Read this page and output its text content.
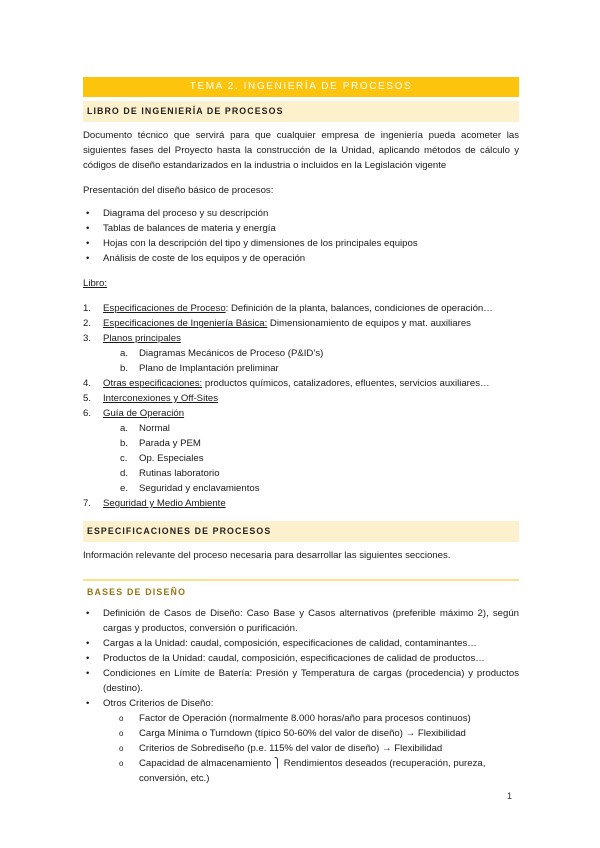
TEMA 2. INGENIERÍA DE PROCESOS
LIBRO DE INGENIERÍA DE PROCESOS

Documento técnico que servirá para que cualquier empresa de ingeniería pueda acometer las siguientes fases del Proyecto hasta la construcción de la Unidad, aplicando métodos de cálculo y códigos de diseño estandarizados en la industria o incluidos en la Legislación vigente

Presentación del diseño básico de procesos:
• Diagrama del proceso y su descripción
• Tablas de balances de materia y energía
• Hojas con la descripción del tipo y dimensiones de los principales equipos
• Análisis de coste de los equipos y de operación
Libro:
1. Especificaciones de Proceso: Definición de la planta, balances, condiciones de operación…
2. Especificaciones de Ingeniería Básica: Dimensionamiento de equipos y mat. auxiliares
3. Planos principales
a. Diagramas Mecánicos de Proceso (P&ID’s)
b. Plano de Implantación preliminar
4. Otras especificaciones: productos químicos, catalizadores, efluentes, servicios auxiliares…
5. Interconexiones y Off-Sites
6. Guía de Operación
a. Normal
b. Parada y PEM
c. Op. Especiales
d. Rutinas laboratorio
e. Seguridad y enclavamientos
7. Seguridad y Medio Ambiente
ESPECIFICACIONES DE PROCESOS

Información relevante del proceso necesaria para desarrollar las siguientes secciones.

BASES DE DISEÑO
• Definición de Casos de Diseño: Caso Base y Casos alternativos (preferible máximo 2), según cargas y productos, conversión o purificación.
• Cargas a la Unidad: caudal, composición, especificaciones de calidad, contaminantes…
• Productos de la Unidad: caudal, composición, especificaciones de calidad de productos…
• Condiciones en Límite de Batería: Presión y Temperatura de cargas (procedencia) y productos (destino).
• Otros Criterios de Diseño:
o Factor de Operación (normalmente 8.000 horas/año para procesos continuos)
o Carga Mínima o Turndown (típico 50-60% del valor de diseño) → Flexibilidad
o Criterios de Sobrediseño (p.e. 115% del valor de diseño) → Flexibilidad
o Capacidad de almacenamiento ⎫ Rendimientos deseados (recuperación, pureza, conversión, etc.)
1
